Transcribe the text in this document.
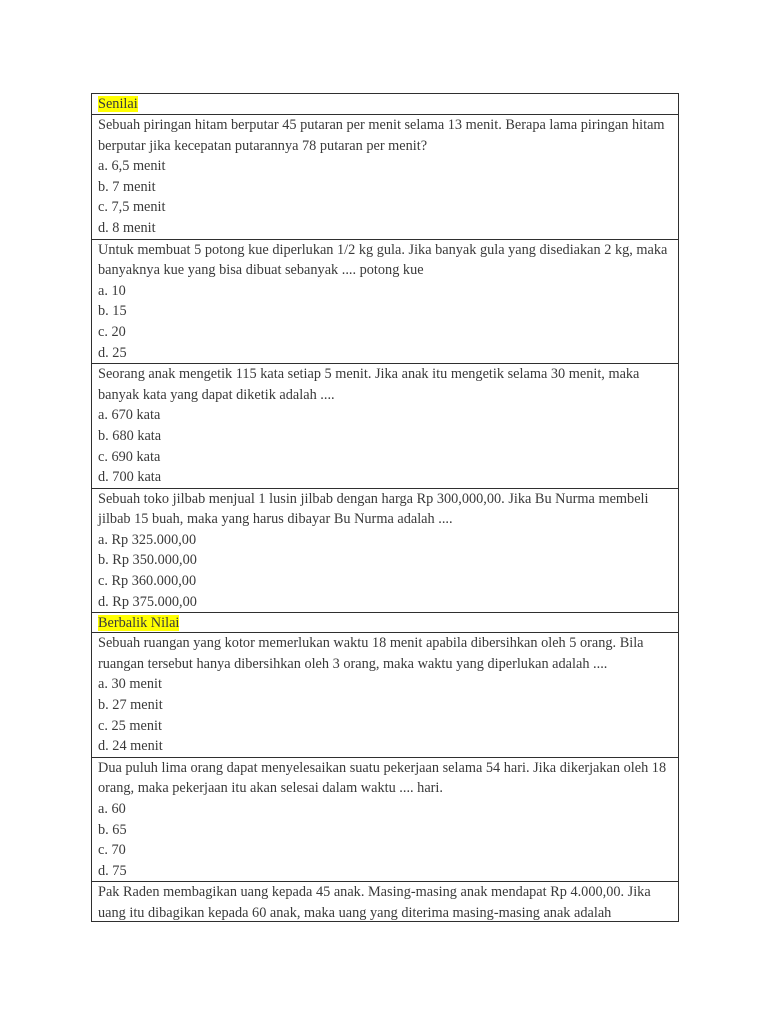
Senilai

Sebuah piringan hitam berputar 45 putaran per menit selama 13 menit. Berapa lama piringan hitam berputar jika kecepatan putarannya 78 putaran per menit?

a. 6,5 menit

b. 7 menit

c. 7,5 menit

d. 8 menit

Untuk membuat 5 potong kue diperlukan 1/2 kg gula. Jika banyak gula yang disediakan 2 kg, maka banyaknya kue yang bisa dibuat sebanyak .... potong kue

a. 10

b. 15

c. 20

d. 25

Seorang anak mengetik 115 kata setiap 5 menit. Jika anak itu mengetik selama 30 menit, maka banyak kata yang dapat diketik adalah ....

a. 670 kata

b. 680 kata

c. 690 kata

d. 700 kata

Sebuah toko jilbab menjual 1 lusin jilbab dengan harga Rp 300,000,00. Jika Bu Nurma membeli jilbab 15 buah, maka yang harus dibayar Bu Nurma adalah ....

a. Rp 325.000,00

b. Rp 350.000,00

c. Rp 360.000,00

d. Rp 375.000,00

Berbalik Nilai

Sebuah ruangan yang kotor memerlukan waktu 18 menit apabila dibersihkan oleh 5 orang. Bila ruangan tersebut hanya dibersihkan oleh 3 orang, maka waktu yang diperlukan adalah ....

a. 30 menit

b. 27 menit

c. 25 menit

d. 24 menit

Dua puluh lima orang dapat menyelesaikan suatu pekerjaan selama 54 hari. Jika dikerjakan oleh 18 orang, maka pekerjaan itu akan selesai dalam waktu .... hari.

a. 60

b. 65

c. 70

d. 75

Pak Raden membagikan uang kepada 45 anak. Masing-masing anak mendapat Rp 4.000,00. Jika uang itu dibagikan kepada 60 anak, maka uang yang diterima masing-masing anak adalah
